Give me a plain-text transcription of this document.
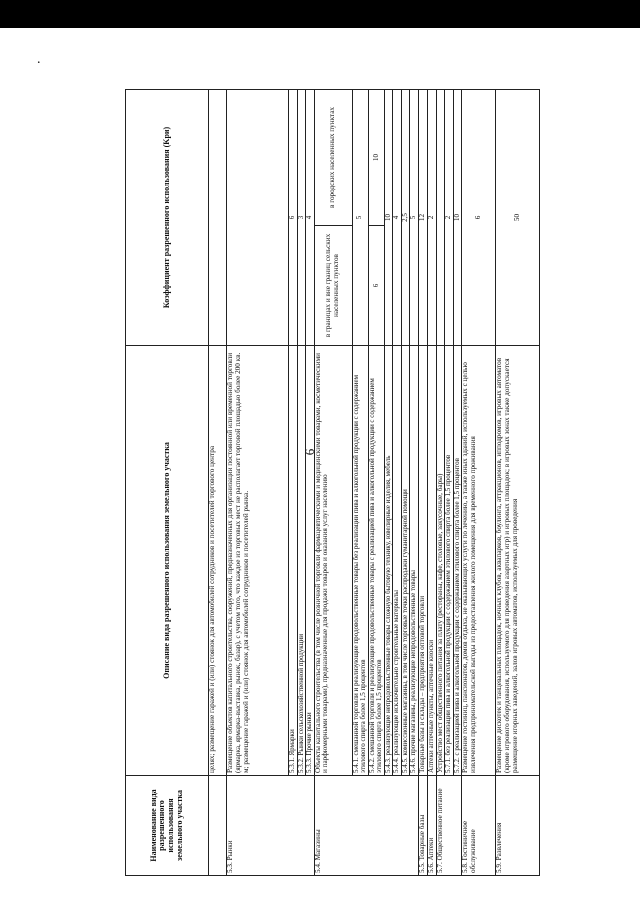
.
6
Наименование вида разрешенного использования земельного участка	Описание вида разрешенного использования земельного участка	Коэффициент разрешенного использования (Kри)	
	целях; размещение гаражей и (или) стоянок для автомобилей сотрудников и посетителей торгового центра		
5.3. Рынки	Размещение объектов капитального строительства, сооружений, предназначенных для организации постоянной или временной торговли (ярмарка, ярмарка-выставка, рынок, базар), с учетом того, что каждое из торговых мест не располагает торговой площадью более 200 кв. м; размещение гаражей и (или) стоянок для автомобилей сотрудников и посетителей рынка.		
	5.3.1. Ярмарки	6	
	5.3.2. Рынки сельскохозяйственной продукции	3	
	5.3.3. Прочие рынки	4	
5.4. Магазины	Объекты капитального строительства (в том числе розничной торговли фармацевтическими и медицинскими товарами, косметическими и парфюмерными товарами), предназначенные для продажи товаров и оказания услуг населению	в границах и вне границ сельских населенных пунктов	в городских населенных пунктах
	5.4.1. смешанной торговли и реализующие продовольственные товары без реализации пива и алкогольной продукции с содержанием этилового спирта более 1,5 процентов	5	
	5.4.2. смешанной торговли и реализующие продовольственные товары с реализацией пива и алкогольной продукции с содержанием этилового спирта более 1,5 процентов	6	10
	5.4.3. реализующие непродовольственные товары сложную бытовую технику, ювелирные изделия, мебель	10	
	5.4.4. реализующие исключительно строительные материалы	4	
	5.4.5. комиссионные магазины, в том числе торговые точки распродажи гуманитарной помощи	2,5	
	5.4.6. прочие магазины, реализующие непродовольственные товары	5	
5.5. Товарные базы	Товарные базы и склады – предприятия оптовой торговли	12	
5.6. Аптеки	Аптеки аптечные пункты, аптечные киоски	2	
5.7. Общественное питание	Устройство мест общественного питания за плату (рестораны, кафе, столовые, закусочные, бары)		
	5.7.1. без реализации пива и алкогольной продукции с содержанием этилового спирта более 1,5 процентов	2	
	5.7.2. с реализацией пива и алкогольной продукции с содержанием этилового спирта более 1,5 процентов	10	
5.8. Гостиничное обслуживание	Размещение гостиниц, пансионатов, домов отдыха, не оказывающих услуги по лечению, а также иных зданий, используемых с целью извлечения предпринимательской выгоды из предоставления жилого помещения для временного проживания	6	
5.9. Развлечения	Размещение дискотек и танцевальных площадок, ночных клубов, аквапарков, боулинга, аттракционов, ипподромов, игровых автоматов (кроме игрового оборудования, используемого для проведения азартных игр) и игровых площадок; в игровых зонах также допускается размещение игорных заведений, залов игровых автоматов, используемых для проведения	50	
